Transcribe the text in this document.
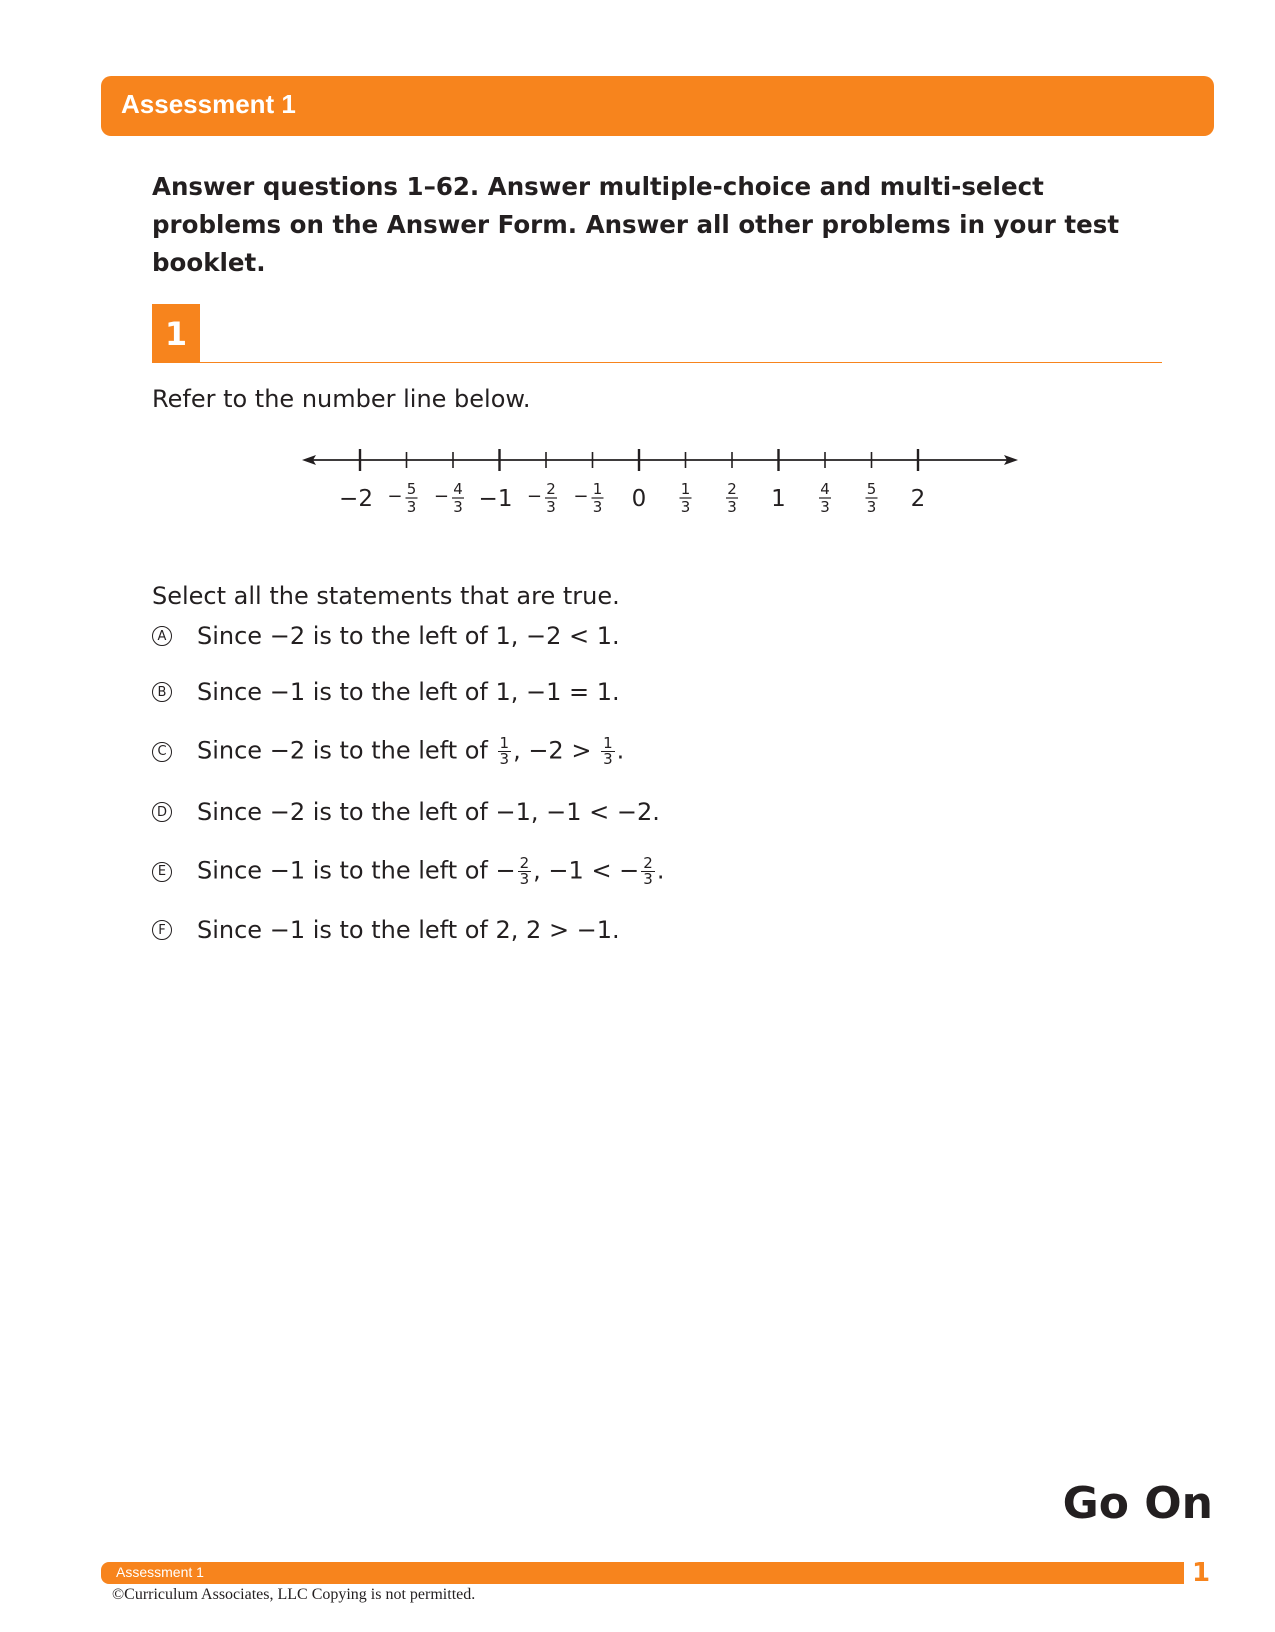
Assessment 1
Answer questions 1–62. Answer multiple-choice and multi-select problems on the Answer Form. Answer all other problems in your test booklet.
1
Refer to the number line below.
−2 − 5
3 − 4
3 −1 − 2
3 − 1
3 0 1
3
2
3 1 4
3
5
3 2
Select all the statements that are true.
A Since −2 is to the left of 1, −2 < 1.
B Since −1 is to the left of 1, −1 = 1.
C Since −2 is to the left of $\frac{1}{3}$ , $-2 > \frac{1}{3}$ .
D Since −2 is to the left of −1, −1 < −2.
E Since −1 is to the left of − $\frac{2}{3}$ , −1 < − $\frac{2}{3}$ .
F Since −1 is to the left of 2, 2 > −1.
Go On
Assessment 1	1
©Curriculum Associates, LLC Copying is not permitted.
